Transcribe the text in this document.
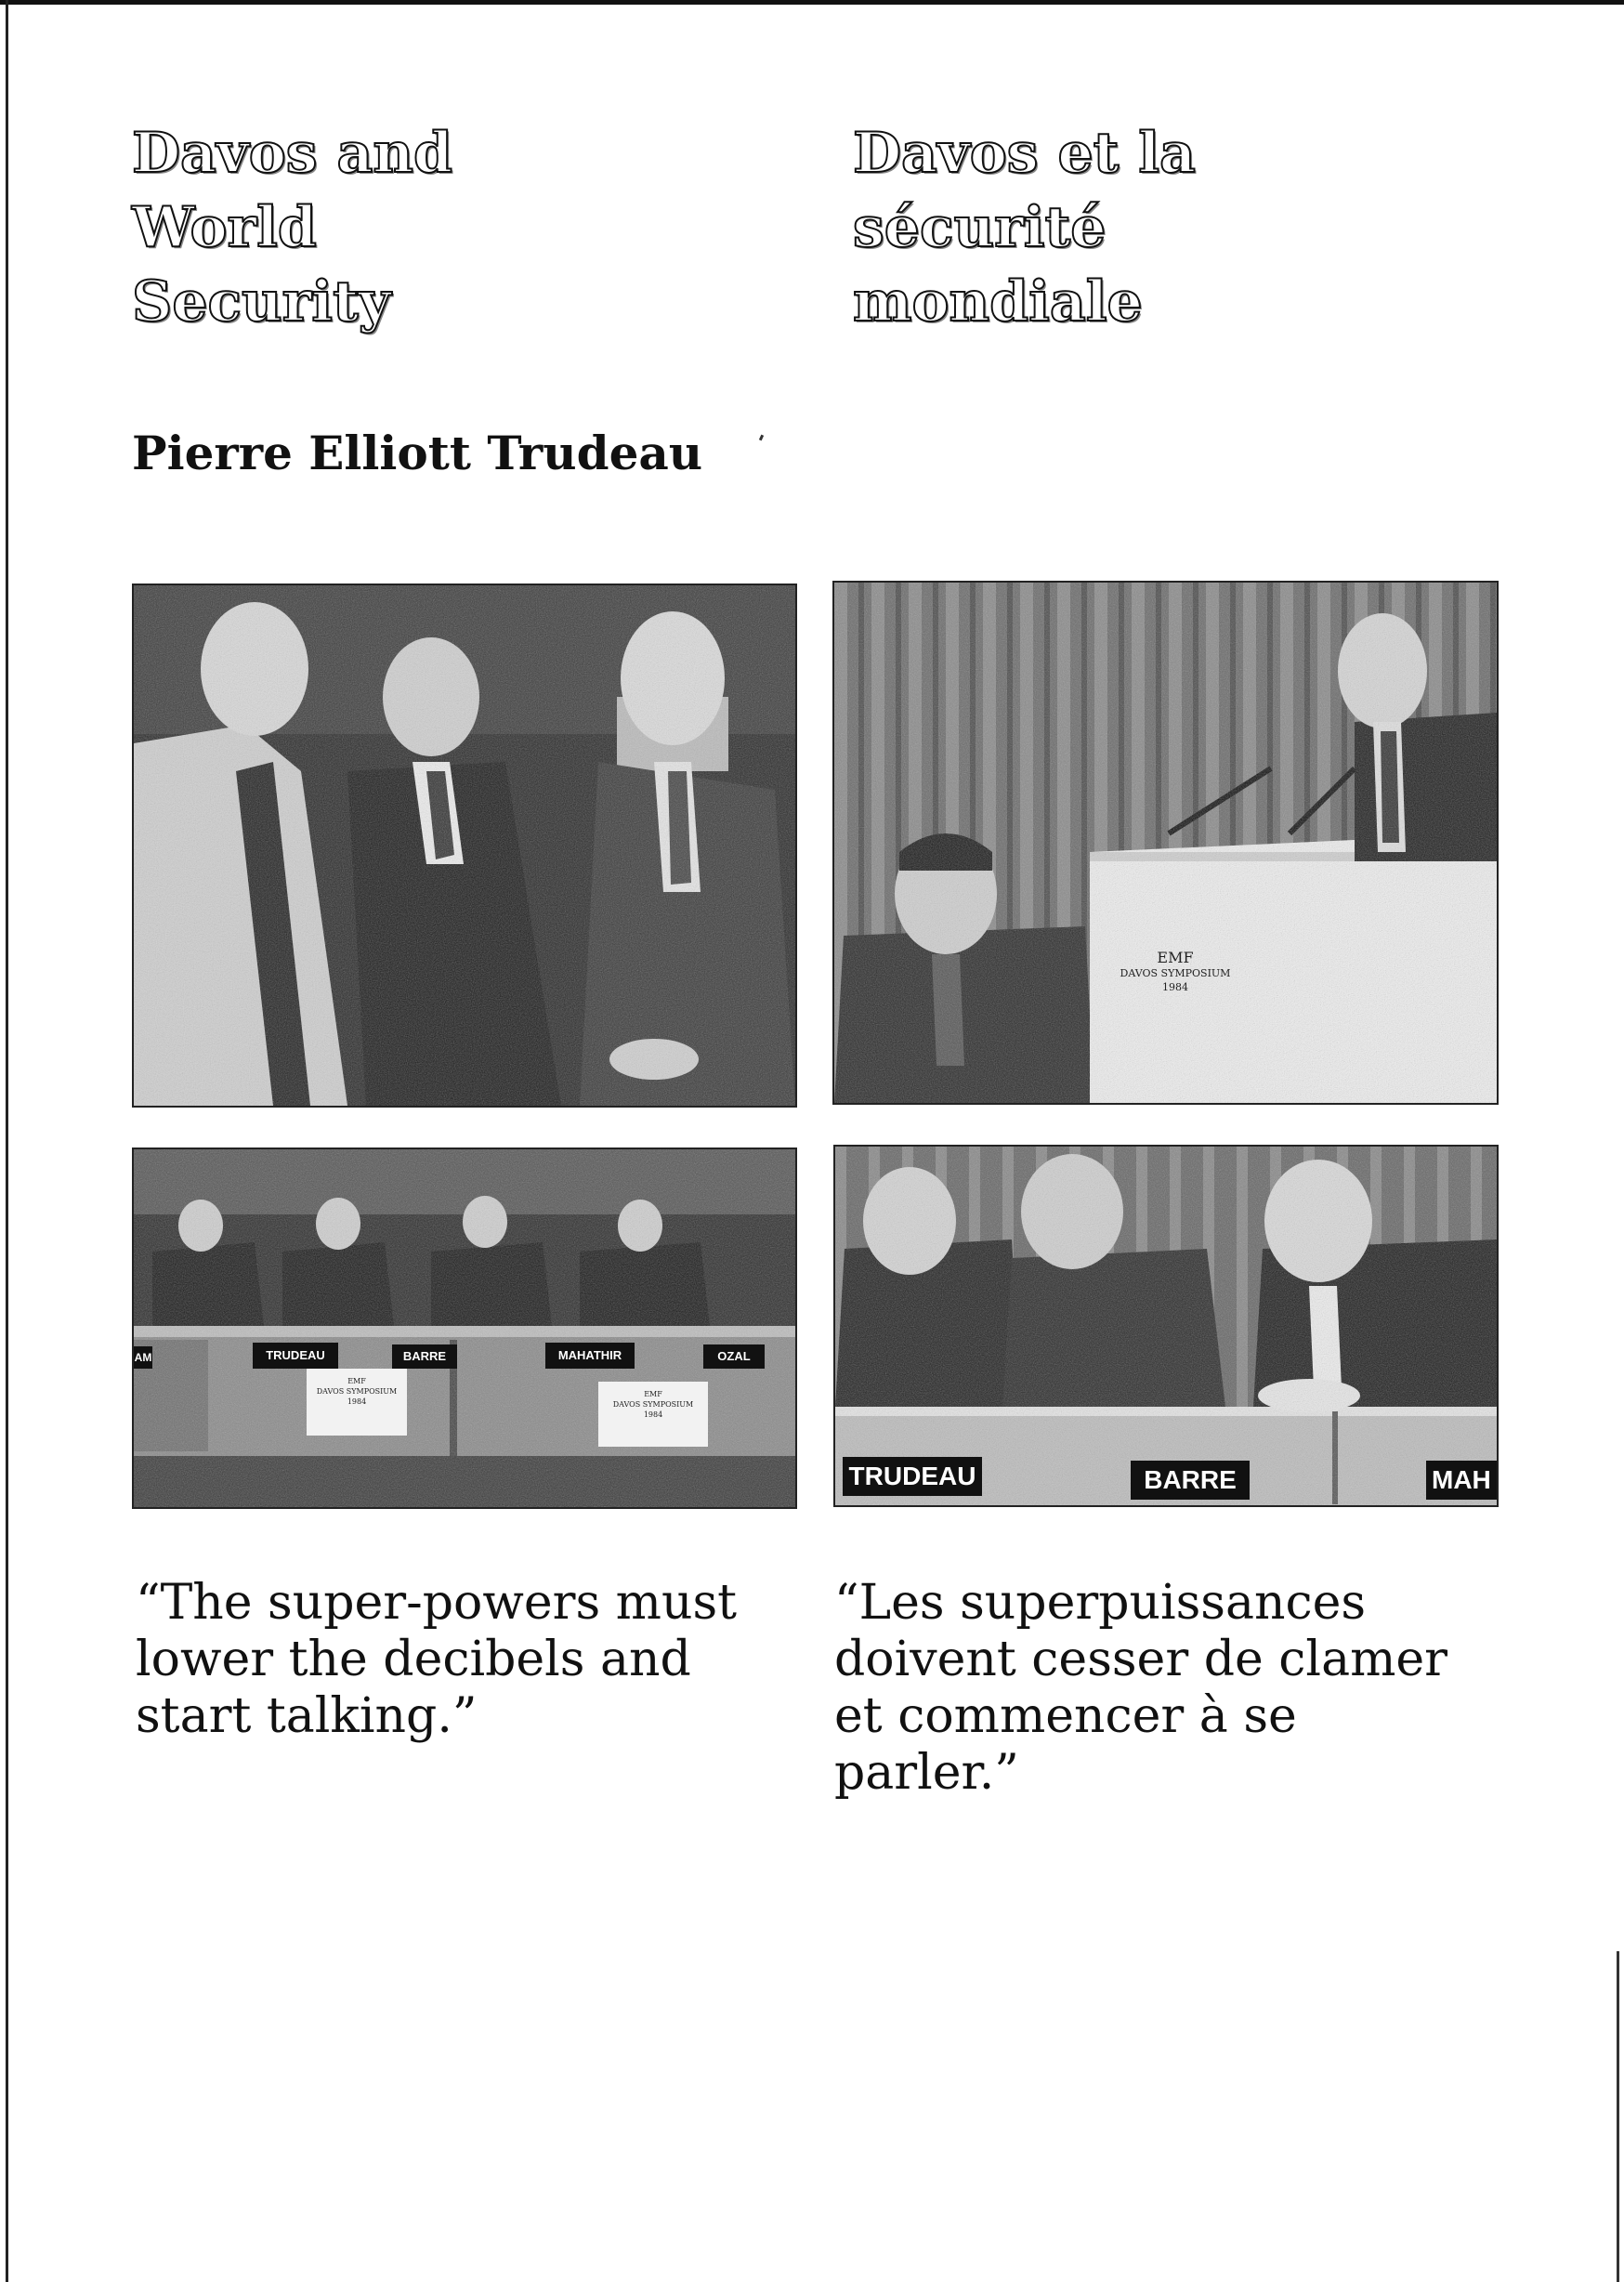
Davos and
World
Security
Davos et la
sécurité
mondiale

Pierre Elliott Trudeau

EMF
DAVOS SYMPOSIUM
1984
AM	TRUDEAU	BARRE	MAHATHIR	OZAL
EMF
DAVOS SYMPOSIUM
1984
EMF
DAVOS SYMPOSIUM
1984
TRUDEAU	BARRE	MAH

“The super-powers must lower the decibels and start talking.”

“Les superpuissances doivent cesser de clamer et commencer à se parler.”
